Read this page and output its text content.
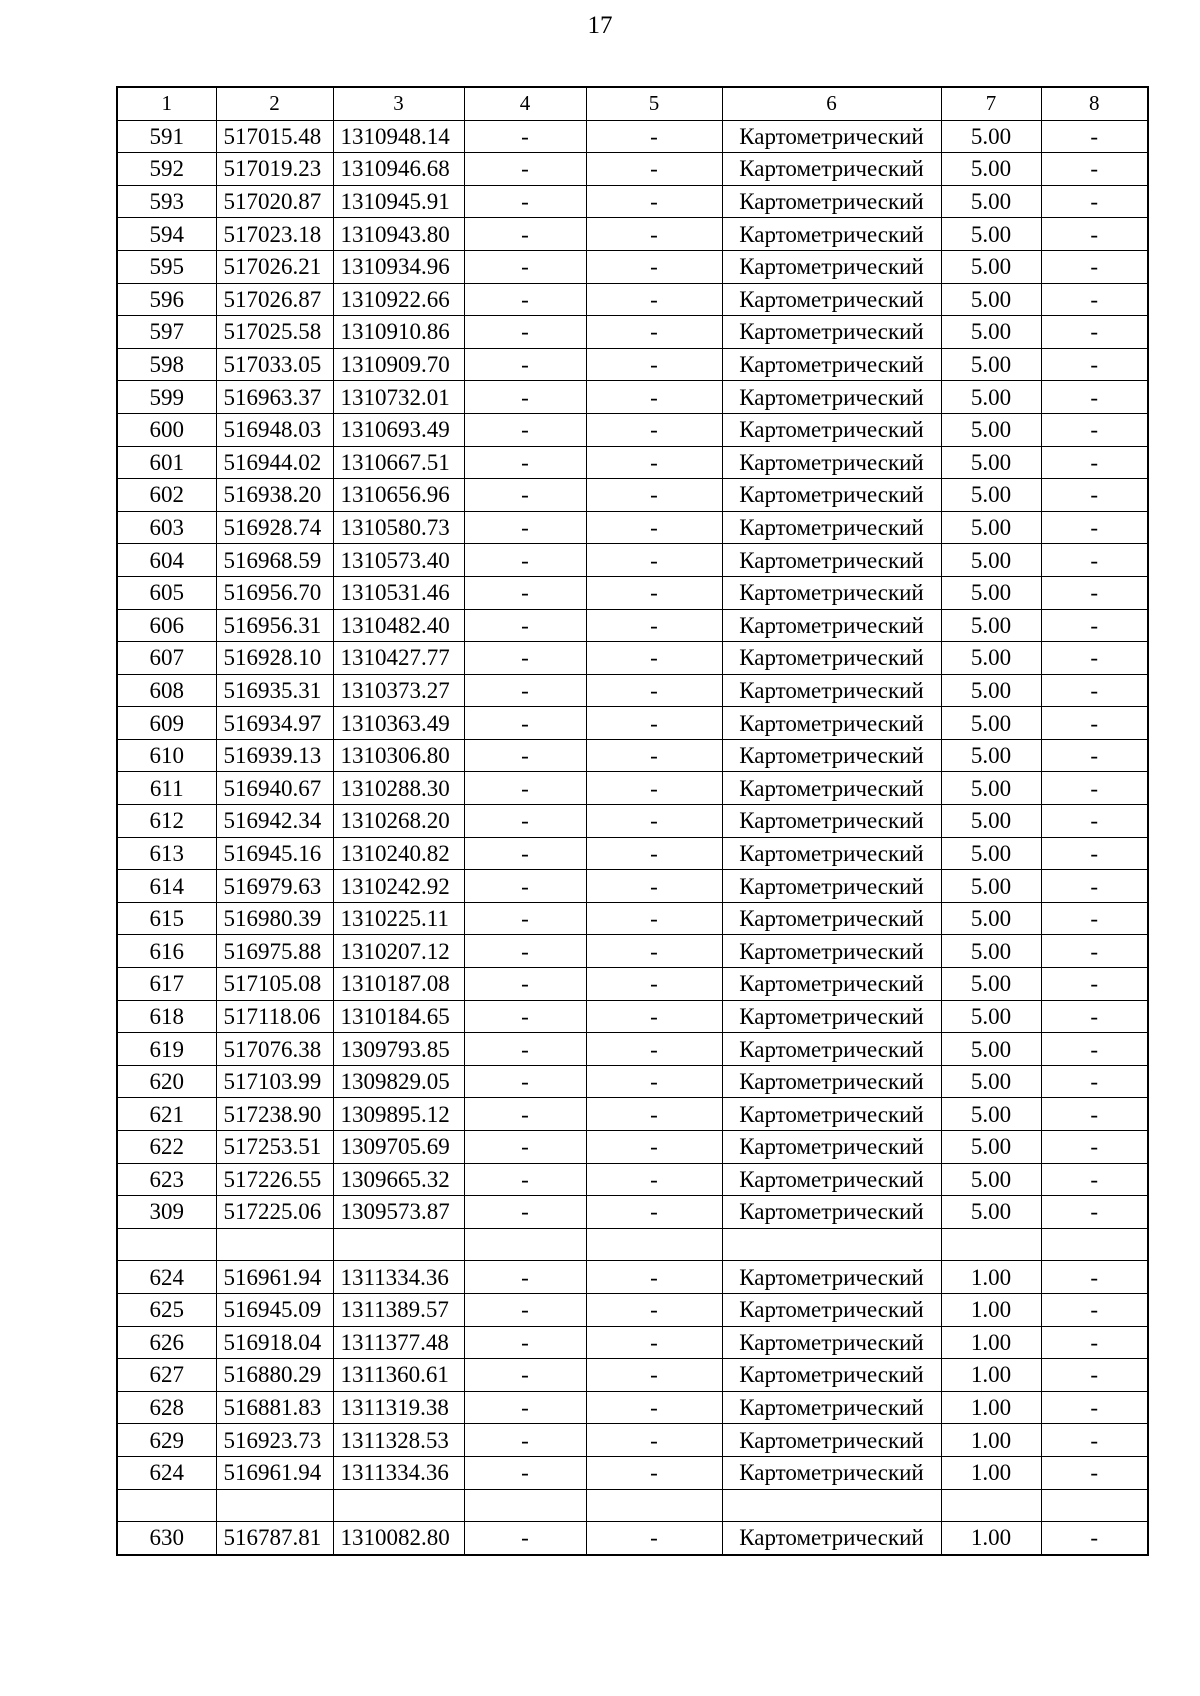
17
1	2	3	4	5	6	7	8
591	517015.48	1310948.14	-	-	Картометрический	5.00	-
592	517019.23	1310946.68	-	-	Картометрический	5.00	-
593	517020.87	1310945.91	-	-	Картометрический	5.00	-
594	517023.18	1310943.80	-	-	Картометрический	5.00	-
595	517026.21	1310934.96	-	-	Картометрический	5.00	-
596	517026.87	1310922.66	-	-	Картометрический	5.00	-
597	517025.58	1310910.86	-	-	Картометрический	5.00	-
598	517033.05	1310909.70	-	-	Картометрический	5.00	-
599	516963.37	1310732.01	-	-	Картометрический	5.00	-
600	516948.03	1310693.49	-	-	Картометрический	5.00	-
601	516944.02	1310667.51	-	-	Картометрический	5.00	-
602	516938.20	1310656.96	-	-	Картометрический	5.00	-
603	516928.74	1310580.73	-	-	Картометрический	5.00	-
604	516968.59	1310573.40	-	-	Картометрический	5.00	-
605	516956.70	1310531.46	-	-	Картометрический	5.00	-
606	516956.31	1310482.40	-	-	Картометрический	5.00	-
607	516928.10	1310427.77	-	-	Картометрический	5.00	-
608	516935.31	1310373.27	-	-	Картометрический	5.00	-
609	516934.97	1310363.49	-	-	Картометрический	5.00	-
610	516939.13	1310306.80	-	-	Картометрический	5.00	-
611	516940.67	1310288.30	-	-	Картометрический	5.00	-
612	516942.34	1310268.20	-	-	Картометрический	5.00	-
613	516945.16	1310240.82	-	-	Картометрический	5.00	-
614	516979.63	1310242.92	-	-	Картометрический	5.00	-
615	516980.39	1310225.11	-	-	Картометрический	5.00	-
616	516975.88	1310207.12	-	-	Картометрический	5.00	-
617	517105.08	1310187.08	-	-	Картометрический	5.00	-
618	517118.06	1310184.65	-	-	Картометрический	5.00	-
619	517076.38	1309793.85	-	-	Картометрический	5.00	-
620	517103.99	1309829.05	-	-	Картометрический	5.00	-
621	517238.90	1309895.12	-	-	Картометрический	5.00	-
622	517253.51	1309705.69	-	-	Картометрический	5.00	-
623	517226.55	1309665.32	-	-	Картометрический	5.00	-
309	517225.06	1309573.87	-	-	Картометрический	5.00	-

624	516961.94	1311334.36	-	-	Картометрический	1.00	-
625	516945.09	1311389.57	-	-	Картометрический	1.00	-
626	516918.04	1311377.48	-	-	Картометрический	1.00	-
627	516880.29	1311360.61	-	-	Картометрический	1.00	-
628	516881.83	1311319.38	-	-	Картометрический	1.00	-
629	516923.73	1311328.53	-	-	Картометрический	1.00	-
624	516961.94	1311334.36	-	-	Картометрический	1.00	-

630	516787.81	1310082.80	-	-	Картометрический	1.00	-
